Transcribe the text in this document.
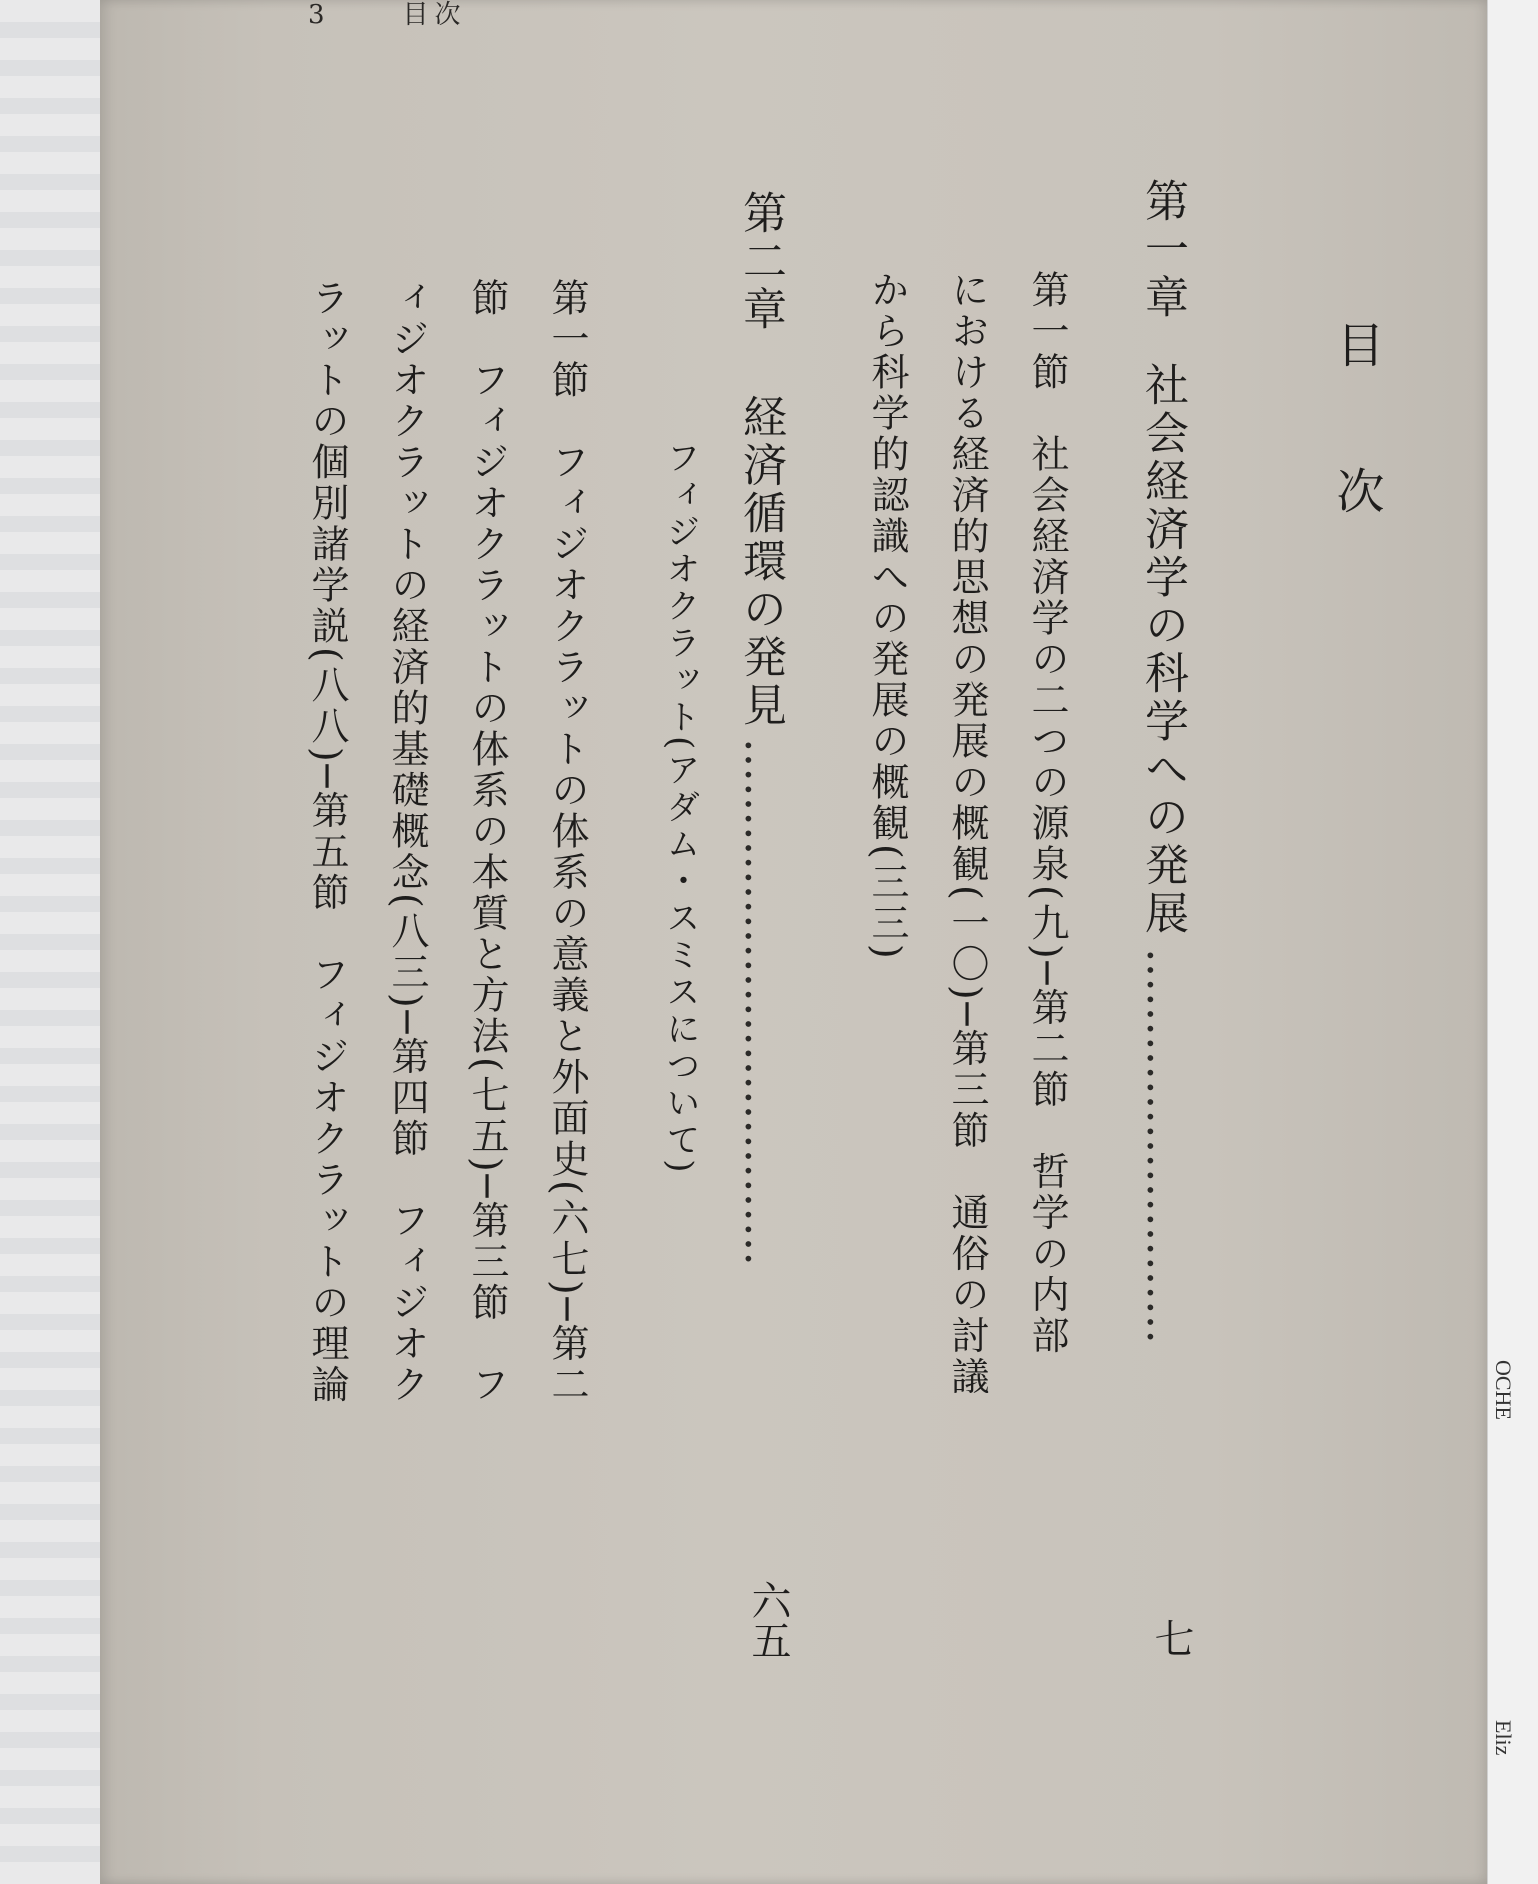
3	目次
目次
第一章社会経済学の科学への発展………………………
七
第一節　社会経済学の二つの源泉(九)─第二節　哲学の内部
における経済的思想の発展の概観(一〇)─第三節　通俗の討議
から科学的認識への発展の概観(三三)
第二章経済循環の発見………………………………
六五
フィジオクラット(アダム・スミスについて)
第一節　フィジオクラットの体系の意義と外面史(六七)─第二
節　フィジオクラットの体系の本質と方法(七五)─第三節　フ
ィジオクラットの経済的基礎概念(八三)─第四節　フィジオク
ラットの個別諸学説(八八)─第五節　フィジオクラットの理論	OCHE
Eliz
